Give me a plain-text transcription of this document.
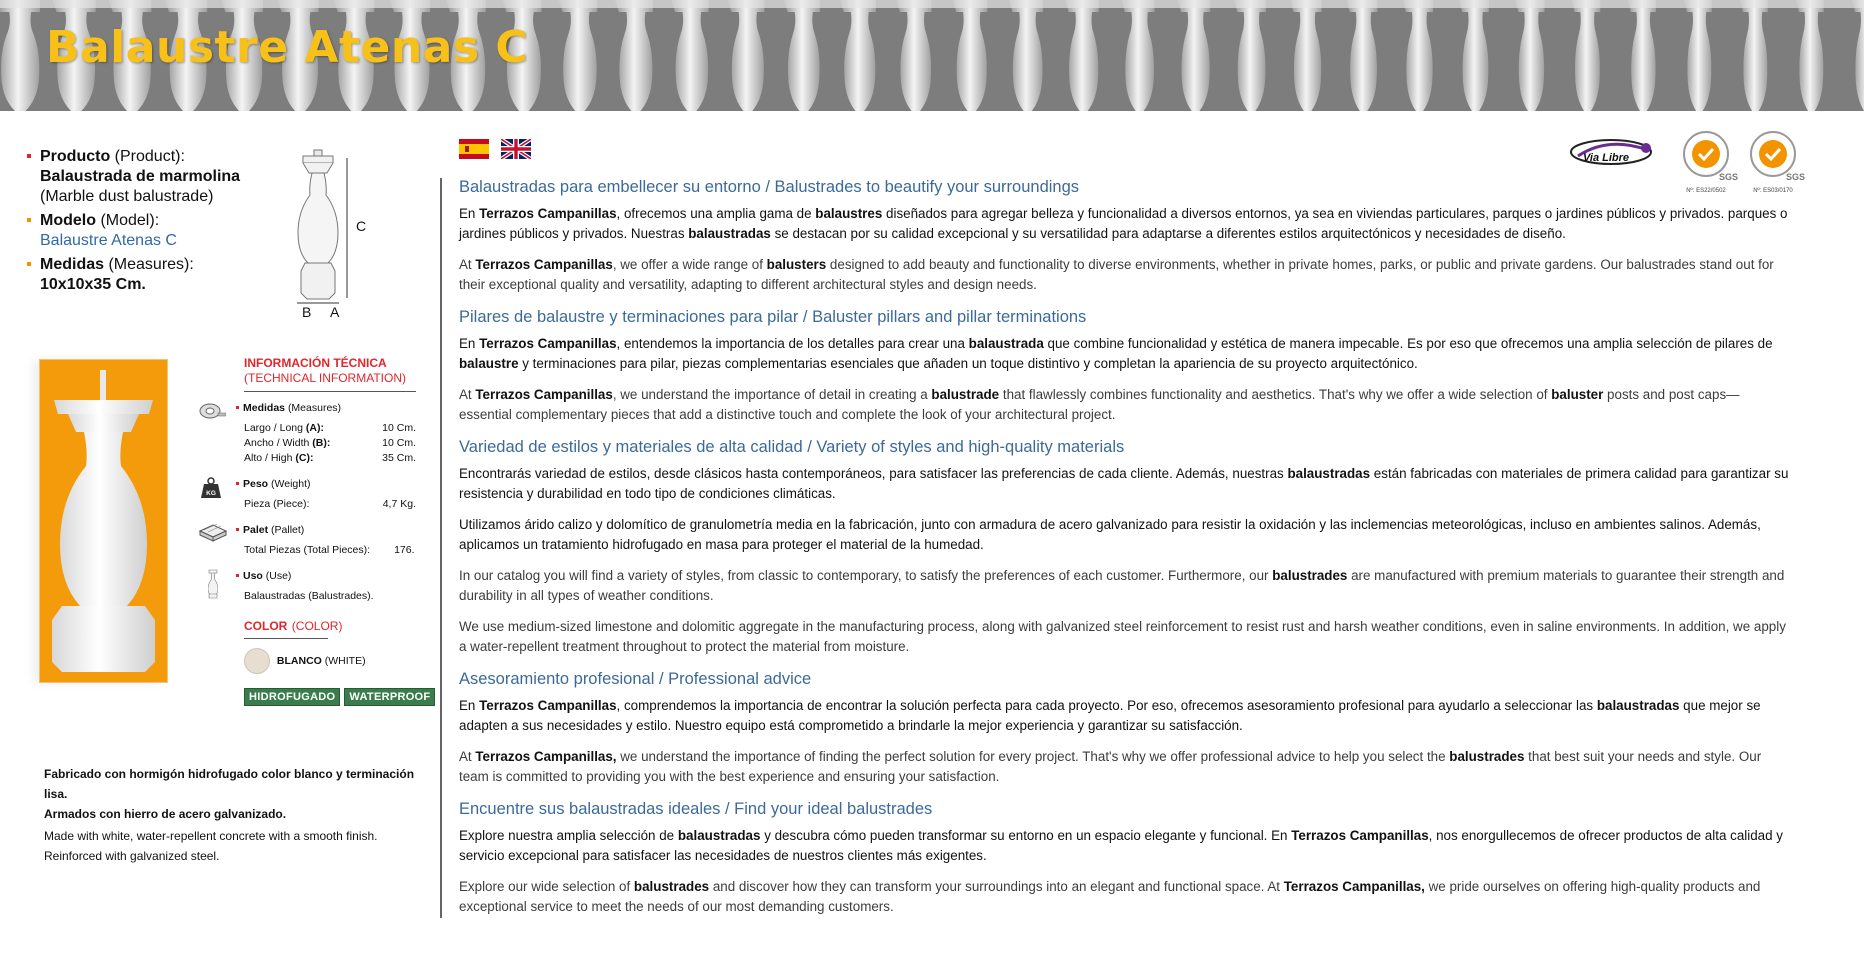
Balaustre Atenas C
Producto (Product):
Balaustrada de marmolina
(Marble dust balustrade)
Modelo (Model):
Balaustre Atenas C
Medidas (Measures):
10x10x35 Cm.
C
B A
INFORMACIÓN TÉCNICA
(TECHNICAL INFORMATION)
Medidas (Measures)
Largo / Long (A):	10 Cm.
Ancho / Width (B):	10 Cm.
Alto / High (C):	35 Cm.
KG
Peso (Weight)
Pieza (Piece):	4,7 Kg.
Palet (Pallet)
Total Piezas (Total Pieces): 176.
Uso (Use)
Balaustradas (Balustrades).
COLOR (COLOR)
BLANCO (WHITE)
HIDROFUGADO	WATERPROOF
Fabricado con hormigón hidrofugado color blanco y terminación lisa.
Armados con hierro de acero galvanizado.
Made with white, water-repellent concrete with a smooth finish.
Reinforced with galvanized steel.
Via Libre
SGS
Nº: ES22/0502
SGS
Nº: ES03/0170
Balaustradas para embellecer su entorno / Balustrades to beautify your surroundings

En Terrazos Campanillas, ofrecemos una amplia gama de balaustres diseñados para agregar belleza y funcionalidad a diversos entornos, ya sea en viviendas particulares, parques o jardines públicos y privados. parques o jardines públicos y privados. Nuestras balaustradas se destacan por su calidad excepcional y su versatilidad para adaptarse a diferentes estilos arquitectónicos y necesidades de diseño.

At Terrazos Campanillas, we offer a wide range of balusters designed to add beauty and functionality to diverse environments, whether in private homes, parks, or public and private gardens. Our balustrades stand out for their exceptional quality and versatility, adapting to different architectural styles and design needs.

Pilares de balaustre y terminaciones para pilar / Baluster pillars and pillar terminations

En Terrazos Campanillas, entendemos la importancia de los detalles para crear una balaustrada que combine funcionalidad y estética de manera impecable. Es por eso que ofrecemos una amplia selección de pilares de balaustre y terminaciones para pilar, piezas complementarias esenciales que añaden un toque distintivo y completan la apariencia de su proyecto arquitectónico.

At Terrazos Campanillas, we understand the importance of detail in creating a balustrade that flawlessly combines functionality and aesthetics. That's why we offer a wide selection of baluster posts and post caps—essential complementary pieces that add a distinctive touch and complete the look of your architectural project.

Variedad de estilos y materiales de alta calidad / Variety of styles and high-quality materials

Encontrarás variedad de estilos, desde clásicos hasta contemporáneos, para satisfacer las preferencias de cada cliente. Además, nuestras balaustradas están fabricadas con materiales de primera calidad para garantizar su resistencia y durabilidad en todo tipo de condiciones climáticas.

Utilizamos árido calizo y dolomítico de granulometría media en la fabricación, junto con armadura de acero galvanizado para resistir la oxidación y las inclemencias meteorológicas, incluso en ambientes salinos. Además, aplicamos un tratamiento hidrofugado en masa para proteger el material de la humedad.

In our catalog you will find a variety of styles, from classic to contemporary, to satisfy the preferences of each customer. Furthermore, our balustrades are manufactured with premium materials to guarantee their strength and durability in all types of weather conditions.

We use medium-sized limestone and dolomitic aggregate in the manufacturing process, along with galvanized steel reinforcement to resist rust and harsh weather conditions, even in saline environments. In addition, we apply a water-repellent treatment throughout to protect the material from moisture.

Asesoramiento profesional / Professional advice

En Terrazos Campanillas, comprendemos la importancia de encontrar la solución perfecta para cada proyecto. Por eso, ofrecemos asesoramiento profesional para ayudarlo a seleccionar las balaustradas que mejor se adapten a sus necesidades y estilo. Nuestro equipo está comprometido a brindarle la mejor experiencia y garantizar su satisfacción.

At Terrazos Campanillas, we understand the importance of finding the perfect solution for every project. That's why we offer professional advice to help you select the balustrades that best suit your needs and style. Our team is committed to providing you with the best experience and ensuring your satisfaction.

Encuentre sus balaustradas ideales / Find your ideal balustrades

Explore nuestra amplia selección de balaustradas y descubra cómo pueden transformar su entorno en un espacio elegante y funcional. En Terrazos Campanillas, nos enorgullecemos de ofrecer productos de alta calidad y servicio excepcional para satisfacer las necesidades de nuestros clientes más exigentes.

Explore our wide selection of balustrades and discover how they can transform your surroundings into an elegant and functional space. At Terrazos Campanillas, we pride ourselves on offering high-quality products and exceptional service to meet the needs of our most demanding customers.
